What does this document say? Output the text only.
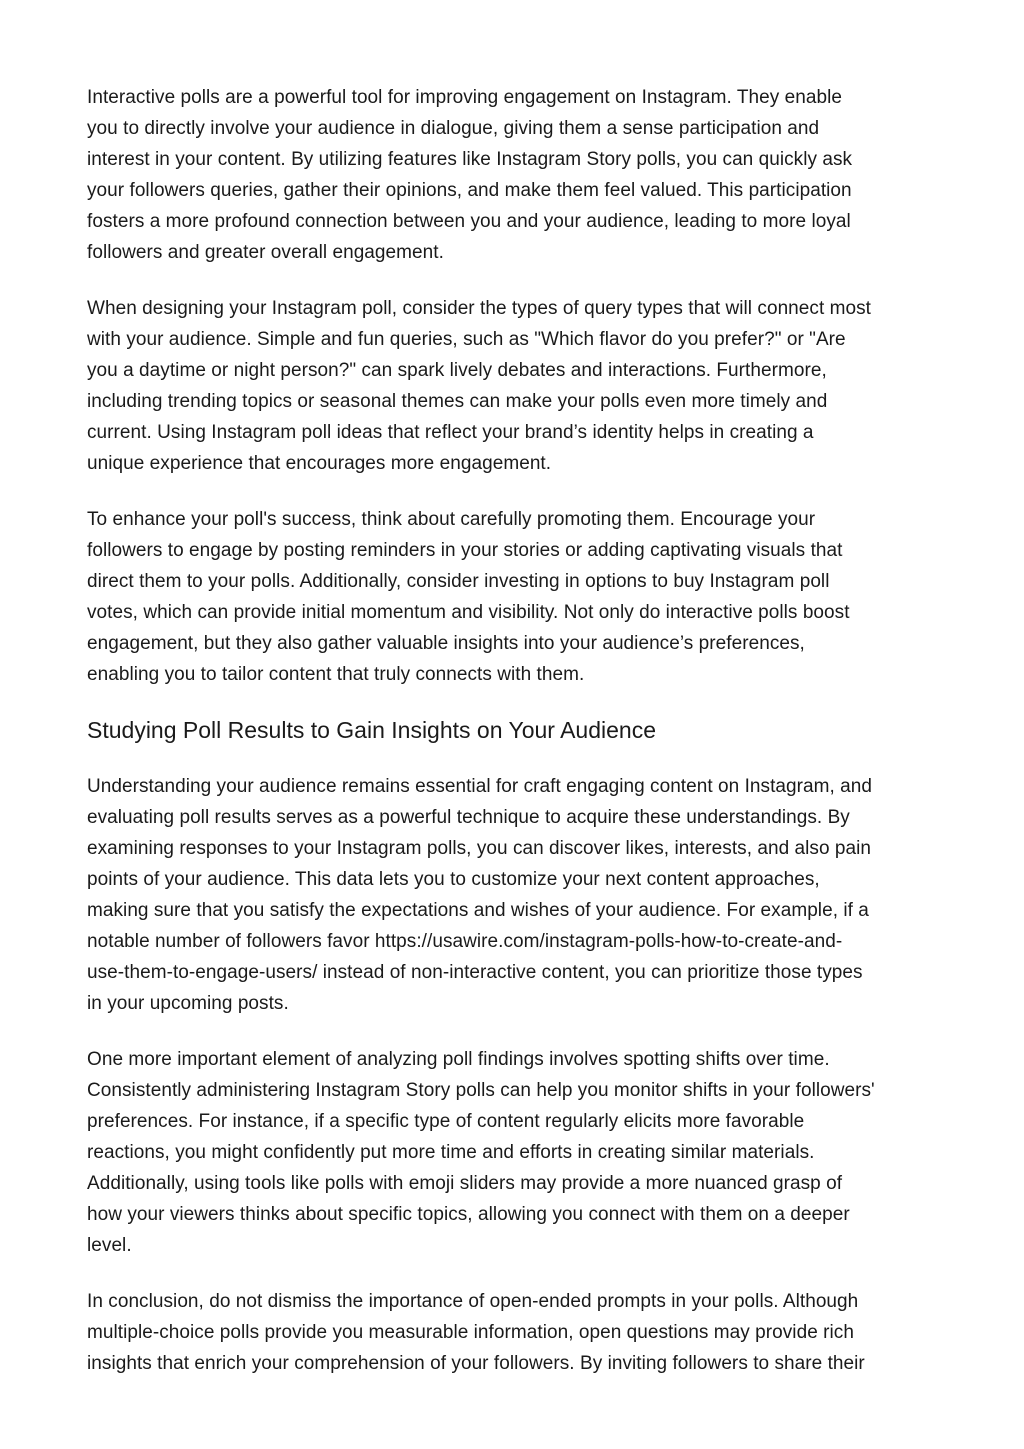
Interactive polls are a powerful tool for improving engagement on Instagram. They enable
you to directly involve your audience in dialogue, giving them a sense participation and
interest in your content. By utilizing features like Instagram Story polls, you can quickly ask
your followers queries, gather their opinions, and make them feel valued. This participation
fosters a more profound connection between you and your audience, leading to more loyal
followers and greater overall engagement.

When designing your Instagram poll, consider the types of query types that will connect most
with your audience. Simple and fun queries, such as "Which flavor do you prefer?" or "Are
you a daytime or night person?" can spark lively debates and interactions. Furthermore,
including trending topics or seasonal themes can make your polls even more timely and
current. Using Instagram poll ideas that reflect your brand’s identity helps in creating a
unique experience that encourages more engagement.

To enhance your poll's success, think about carefully promoting them. Encourage your
followers to engage by posting reminders in your stories or adding captivating visuals that
direct them to your polls. Additionally, consider investing in options to buy Instagram poll
votes, which can provide initial momentum and visibility. Not only do interactive polls boost
engagement, but they also gather valuable insights into your audience’s preferences,
enabling you to tailor content that truly connects with them.

Studying Poll Results to Gain Insights on Your Audience

Understanding your audience remains essential for craft engaging content on Instagram, and
evaluating poll results serves as a powerful technique to acquire these understandings. By
examining responses to your Instagram polls, you can discover likes, interests, and also pain
points of your audience. This data lets you to customize your next content approaches,
making sure that you satisfy the expectations and wishes of your audience. For example, if a
notable number of followers favor https://usawire.com/instagram-polls-how-to-create-and-
use-them-to-engage-users/ instead of non-interactive content, you can prioritize those types
in your upcoming posts.

One more important element of analyzing poll findings involves spotting shifts over time.
Consistently administering Instagram Story polls can help you monitor shifts in your followers'
preferences. For instance, if a specific type of content regularly elicits more favorable
reactions, you might confidently put more time and efforts in creating similar materials.
Additionally, using tools like polls with emoji sliders may provide a more nuanced grasp of
how your viewers thinks about specific topics, allowing you connect with them on a deeper
level.

In conclusion, do not dismiss the importance of open-ended prompts in your polls. Although
multiple-choice polls provide you measurable information, open questions may provide rich
insights that enrich your comprehension of your followers. By inviting followers to share their
